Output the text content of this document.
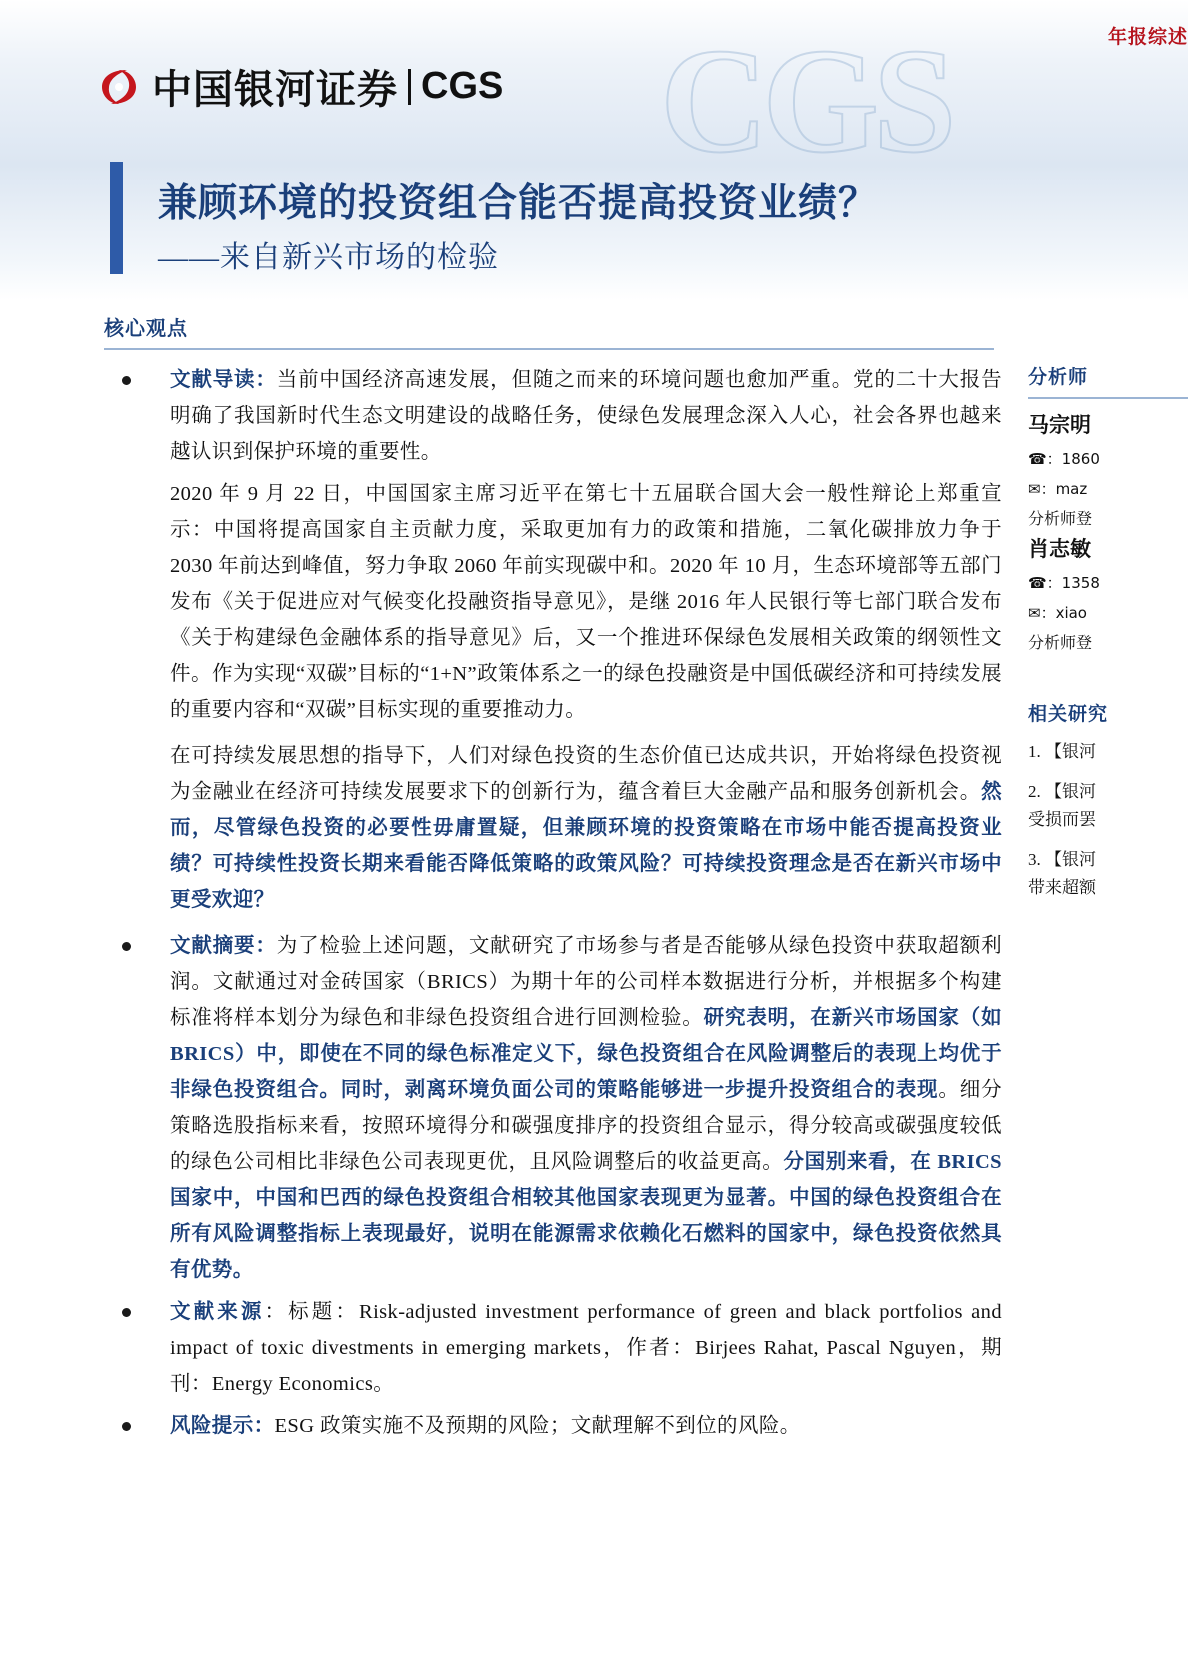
CGS	年报综述
中国银河证券 CGS
兼顾环境的投资组合能否提高投资业绩？
——来自新兴市场的检验
核心观点

文献导读：当前中国经济高速发展，但随之而来的环境问题也愈加严重。党的二十大报告明确了我国新时代生态文明建设的战略任务，使绿色发展理念深入人心，社会各界也越来越认识到保护环境的重要性。

2020 年 9 月 22 日，中国国家主席习近平在第七十五届联合国大会一般性辩论上郑重宣示：中国将提高国家自主贡献力度，采取更加有力的政策和措施，二氧化碳排放力争于 2030 年前达到峰值，努力争取 2060 年前实现碳中和。2020 年 10 月，生态环境部等五部门发布《关于促进应对气候变化投融资指导意见》，是继 2016 年人民银行等七部门联合发布《关于构建绿色金融体系的指导意见》后，又一个推进环保绿色发展相关政策的纲领性文件。作为实现“双碳”目标的“1+N”政策体系之一的绿色投融资是中国低碳经济和可持续发展的重要内容和“双碳”目标实现的重要推动力。

在可持续发展思想的指导下，人们对绿色投资的生态价值已达成共识，开始将绿色投资视为金融业在经济可持续发展要求下的创新行为，蕴含着巨大金融产品和服务创新机会。然而，尽管绿色投资的必要性毋庸置疑，但兼顾环境的投资策略在市场中能否提高投资业绩？可持续性投资长期来看能否降低策略的政策风险？可持续投资理念是否在新兴市场中更受欢迎？

文献摘要：为了检验上述问题，文献研究了市场参与者是否能够从绿色投资中获取超额利润。文献通过对金砖国家（BRICS）为期十年的公司样本数据进行分析，并根据多个构建标准将样本划分为绿色和非绿色投资组合进行回测检验。研究表明，在新兴市场国家（如 BRICS）中，即使在不同的绿色标准定义下，绿色投资组合在风险调整后的表现上均优于非绿色投资组合。同时，剥离环境负面公司的策略能够进一步提升投资组合的表现。细分策略选股指标来看，按照环境得分和碳强度排序的投资组合显示，得分较高或碳强度较低的绿色公司相比非绿色公司表现更优，且风险调整后的收益更高。分国别来看，在 BRICS 国家中，中国和巴西的绿色投资组合相较其他国家表现更为显著。中国的绿色投资组合在所有风险调整指标上表现最好，说明在能源需求依赖化石燃料的国家中，绿色投资依然具有优势。

文献来源：标题：Risk-adjusted investment performance of green and black portfolios and impact of toxic divestments in emerging markets，作者：Birjees Rahat, Pascal Nguyen，期刊：Energy Economics。

风险提示：ESG 政策实施不及预期的风险；文献理解不到位的风险。

分析师
马宗明
☎：1860
✉：maz
分析师登
肖志敏
☎：1358
✉：xiao
分析师登
相关研究
1. 【银河
2. 【银河
受损而罢
3. 【银河
带来超额
